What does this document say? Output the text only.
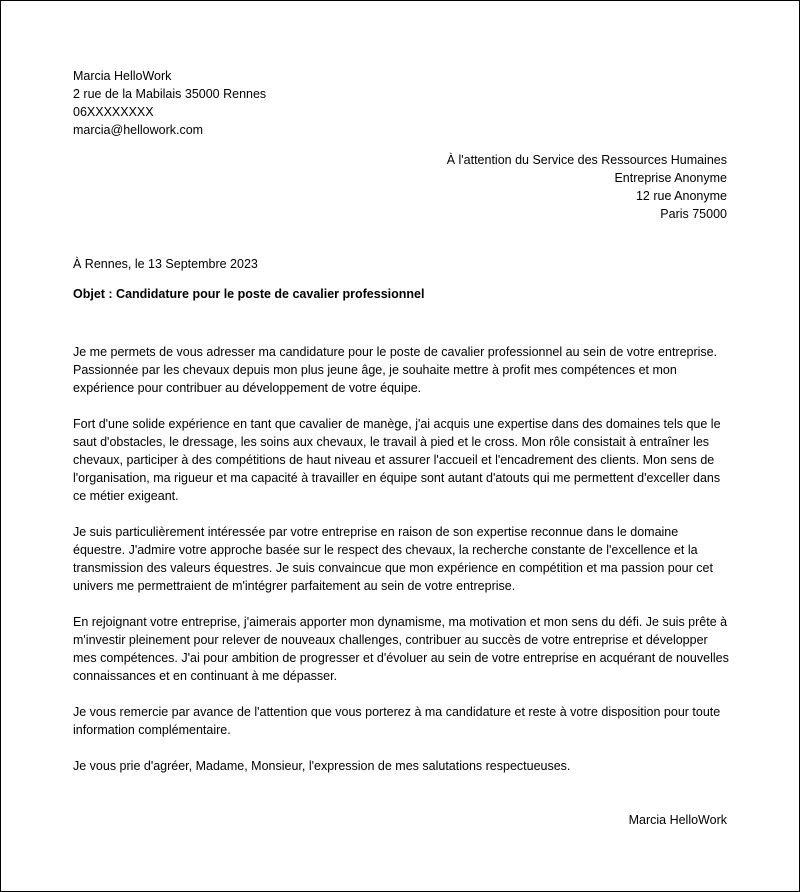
Marcia HelloWork
2 rue de la Mabilais 35000 Rennes
06XXXXXXXX
marcia@hellowork.com
À l'attention du Service des Ressources Humaines
Entreprise Anonyme
12 rue Anonyme
Paris 75000
À Rennes, le 13 Septembre 2023
Objet : Candidature pour le poste de cavalier professionnel

Je me permets de vous adresser ma candidature pour le poste de cavalier professionnel au sein de votre entreprise. Passionnée par les chevaux depuis mon plus jeune âge, je souhaite mettre à profit mes compétences et mon expérience pour contribuer au développement de votre équipe.

Fort d'une solide expérience en tant que cavalier de manège, j'ai acquis une expertise dans des domaines tels que le saut d'obstacles, le dressage, les soins aux chevaux, le travail à pied et le cross. Mon rôle consistait à entraîner les chevaux, participer à des compétitions de haut niveau et assurer l'accueil et l'encadrement des clients. Mon sens de l'organisation, ma rigueur et ma capacité à travailler en équipe sont autant d'atouts qui me permettent d'exceller dans ce métier exigeant.

Je suis particulièrement intéressée par votre entreprise en raison de son expertise reconnue dans le domaine équestre. J'admire votre approche basée sur le respect des chevaux, la recherche constante de l'excellence et la transmission des valeurs équestres. Je suis convaincue que mon expérience en compétition et ma passion pour cet univers me permettraient de m'intégrer parfaitement au sein de votre entreprise.

En rejoignant votre entreprise, j'aimerais apporter mon dynamisme, ma motivation et mon sens du défi. Je suis prête à m'investir pleinement pour relever de nouveaux challenges, contribuer au succès de votre entreprise et développer mes compétences. J'ai pour ambition de progresser et d'évoluer au sein de votre entreprise en acquérant de nouvelles connaissances et en continuant à me dépasser.

Je vous remercie par avance de l'attention que vous porterez à ma candidature et reste à votre disposition pour toute information complémentaire.

Je vous prie d'agréer, Madame, Monsieur, l'expression de mes salutations respectueuses.

Marcia HelloWork
